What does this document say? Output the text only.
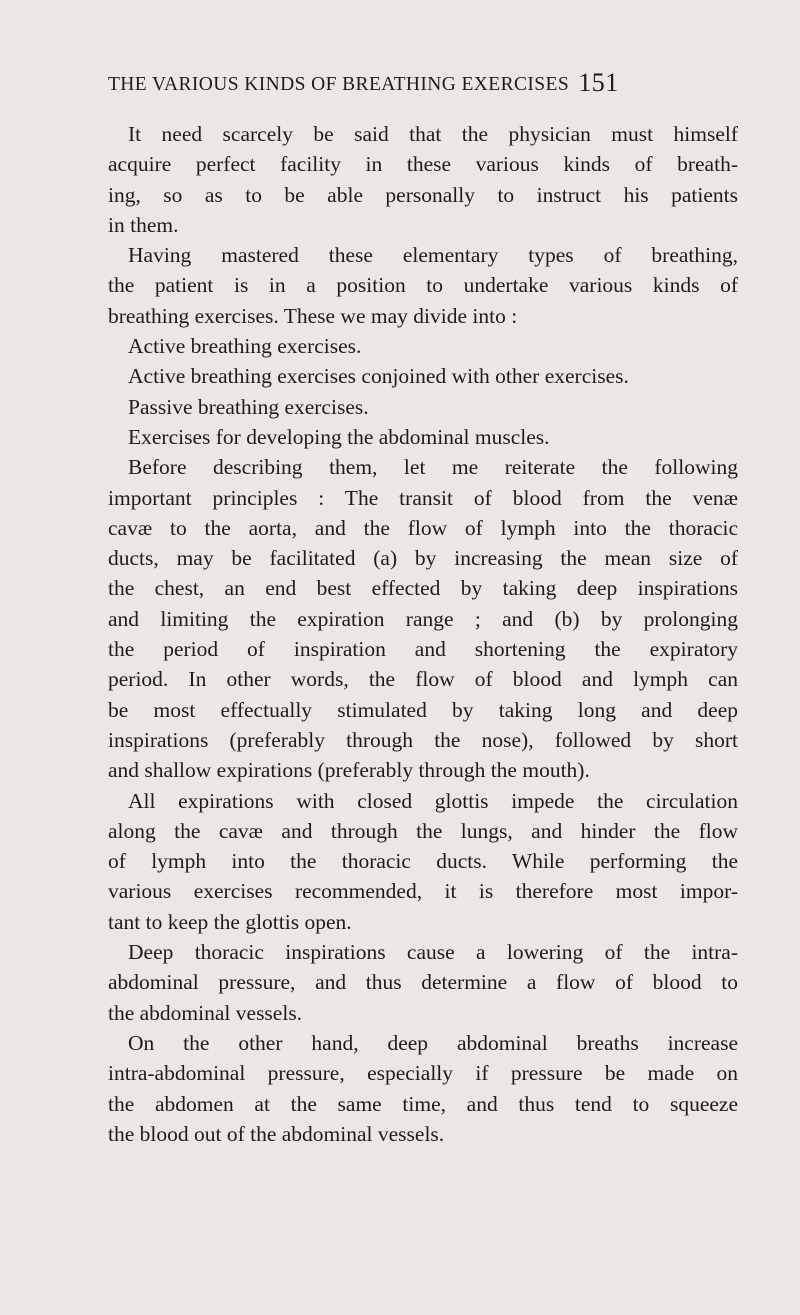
THE VARIOUS KINDS OF BREATHING EXERCISES 151
It need scarcely be said that the physician must himself
acquire perfect facility in these various kinds of breath-
ing, so as to be able personally to instruct his patients
in them.
Having mastered these elementary types of breathing,
the patient is in a position to undertake various kinds of
breathing exercises. These we may divide into :
Active breathing exercises.
Active breathing exercises conjoined with other exercises.
Passive breathing exercises.
Exercises for developing the abdominal muscles.
Before describing them, let me reiterate the following
important principles : The transit of blood from the venæ
cavæ to the aorta, and the flow of lymph into the thoracic
ducts, may be facilitated (a) by increasing the mean size of
the chest, an end best effected by taking deep inspirations
and limiting the expiration range ; and (b) by prolonging
the period of inspiration and shortening the expiratory
period. In other words, the flow of blood and lymph can
be most effectually stimulated by taking long and deep
inspirations (preferably through the nose), followed by short
and shallow expirations (preferably through the mouth).
All expirations with closed glottis impede the circulation
along the cavæ and through the lungs, and hinder the flow
of lymph into the thoracic ducts. While performing the
various exercises recommended, it is therefore most impor-
tant to keep the glottis open.
Deep thoracic inspirations cause a lowering of the intra-
abdominal pressure, and thus determine a flow of blood to
the abdominal vessels.
On the other hand, deep abdominal breaths increase
intra-abdominal pressure, especially if pressure be made on
the abdomen at the same time, and thus tend to squeeze
the blood out of the abdominal vessels.
